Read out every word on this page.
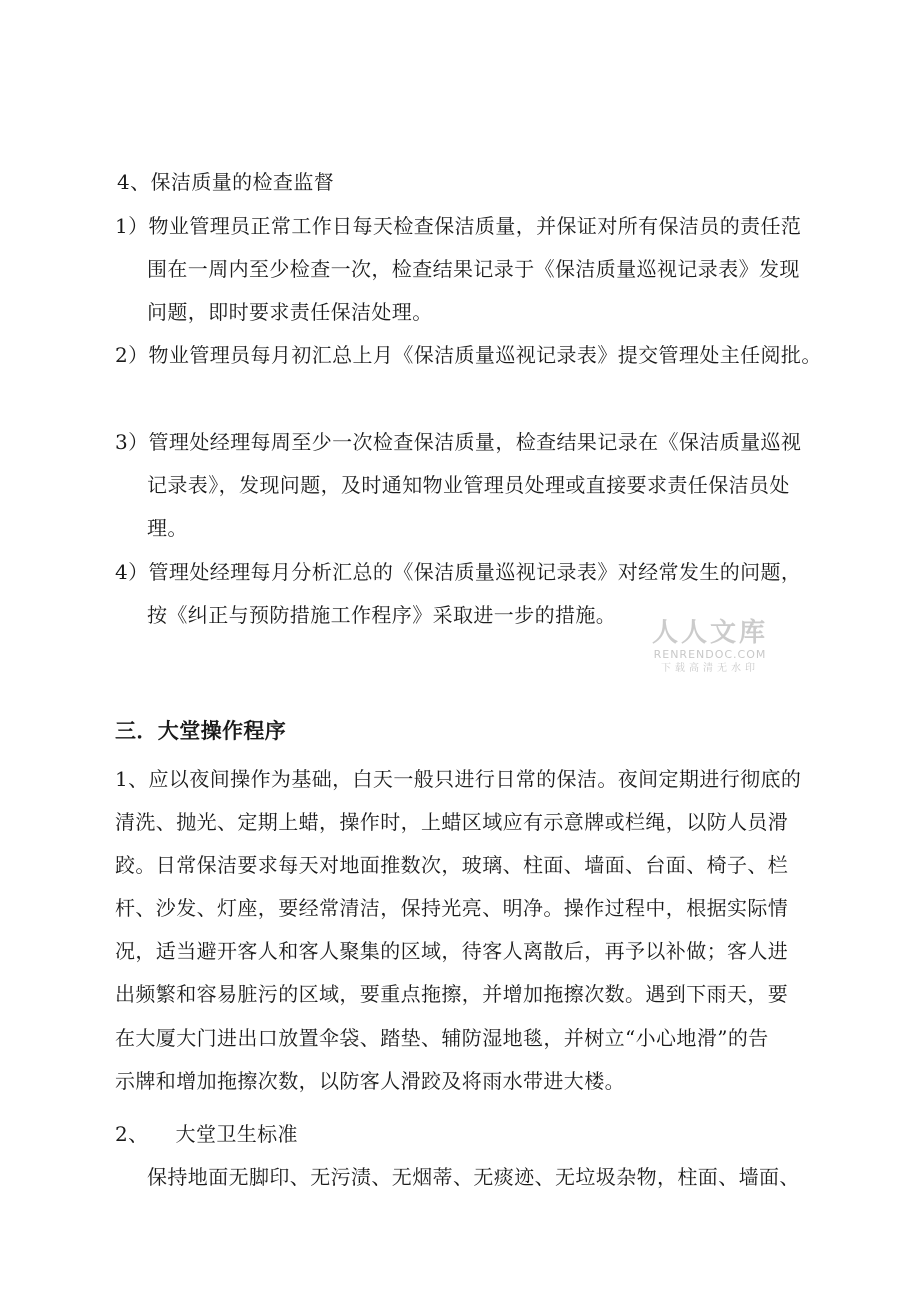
4、保洁质量的检查监督
1）物业管理员正常工作日每天检查保洁质量，并保证对所有保洁员的责任范
围在一周内至少检查一次，检查结果记录于《保洁质量巡视记录表》发现
问题，即时要求责任保洁处理。
2）物业管理员每月初汇总上月《保洁质量巡视记录表》提交管理处主任阅批。
3）管理处经理每周至少一次检查保洁质量，检查结果记录在《保洁质量巡视
记录表》，发现问题，及时通知物业管理员处理或直接要求责任保洁员处
理。
4）管理处经理每月分析汇总的《保洁质量巡视记录表》对经常发生的问题，
按《纠正与预防措施工作程序》采取进一步的措施。
人人文库
RENRENDOC.COM
下载高清无水印
三．大堂操作程序
1、应以夜间操作为基础，白天一般只进行日常的保洁。夜间定期进行彻底的
清洗、抛光、定期上蜡，操作时，上蜡区域应有示意牌或栏绳，以防人员滑
跤。日常保洁要求每天对地面推数次，玻璃、柱面、墙面、台面、椅子、栏
杆、沙发、灯座，要经常清洁，保持光亮、明净。操作过程中，根据实际情
况，适当避开客人和客人聚集的区域，待客人离散后，再予以补做；客人进
出频繁和容易脏污的区域，要重点拖擦，并增加拖擦次数。遇到下雨天，要
在大厦大门进出口放置伞袋、踏垫、辅防湿地毯，并树立“小心地滑”的告
示牌和增加拖擦次数，以防客人滑跤及将雨水带进大楼。
2、    大堂卫生标准
保持地面无脚印、无污渍、无烟蒂、无痰迹、无垃圾杂物，柱面、墙面、
